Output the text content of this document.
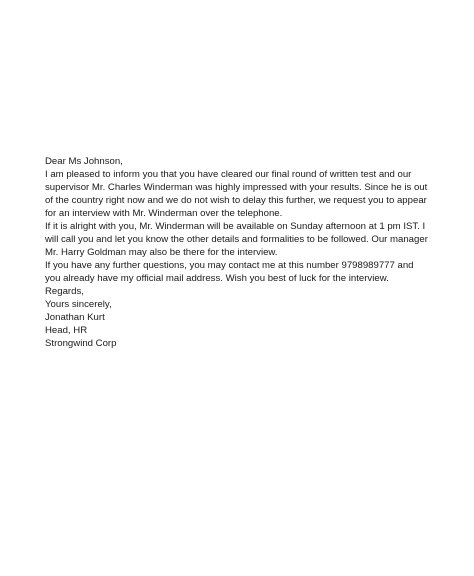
Dear Ms Johnson,

I am pleased to inform you that you have cleared our final round of written test and our
supervisor Mr. Charles Winderman was highly impressed with your results. Since he is out
of the country right now and we do not wish to delay this further, we request you to appear
for an interview with Mr. Winderman over the telephone.

If it is alright with you, Mr. Winderman will be available on Sunday afternoon at 1 pm IST. I
will call you and let you know the other details and formalities to be followed. Our manager
Mr. Harry Goldman may also be there for the interview.

If you have any further questions, you may contact me at this number 9798989777 and
you already have my official mail address. Wish you best of luck for the interview.

Regards,

Yours sincerely,

Jonathan Kurt

Head, HR

Strongwind Corp
